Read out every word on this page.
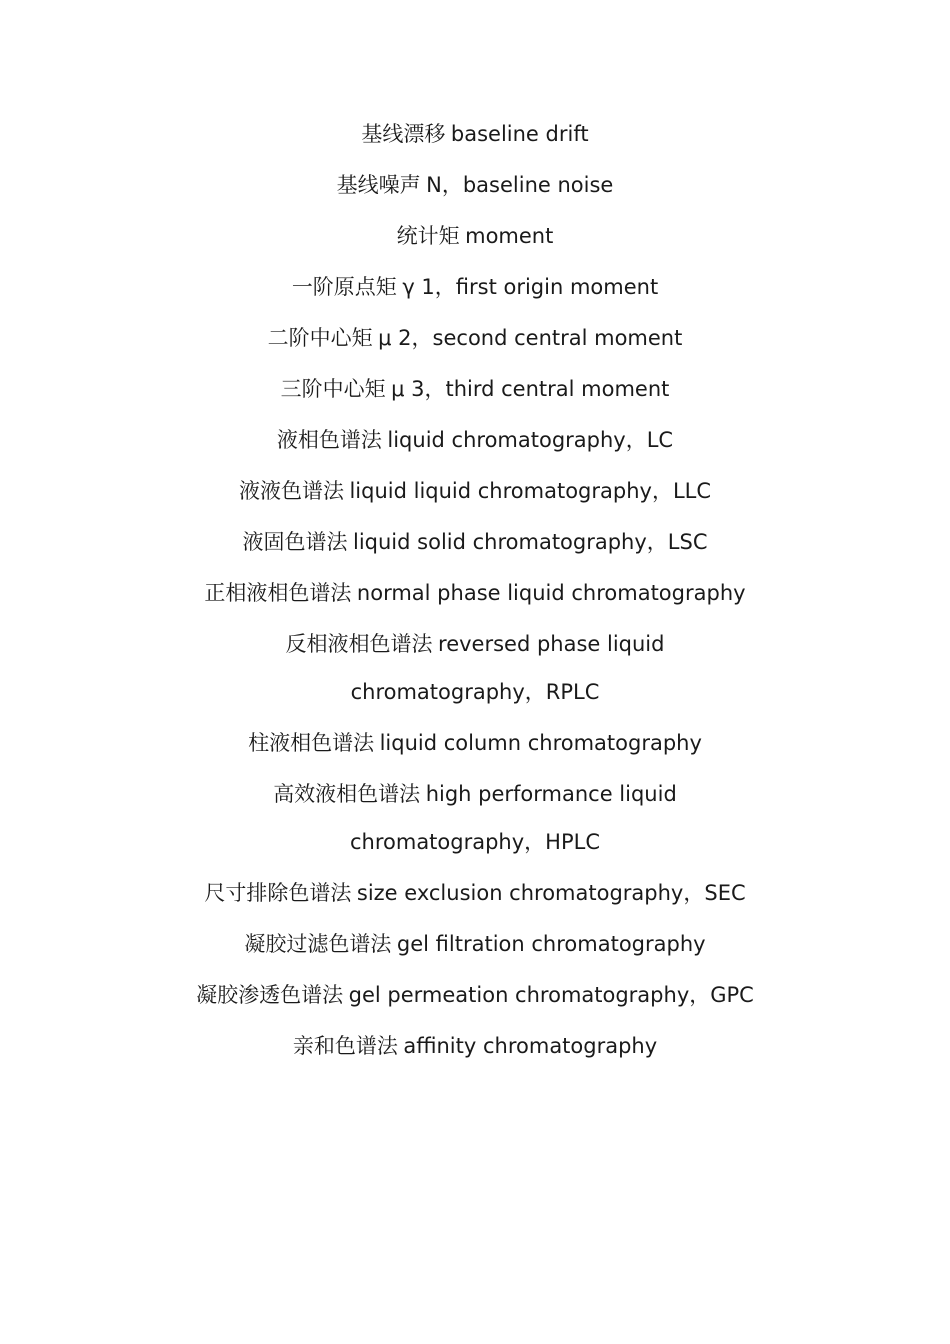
基线漂移 baseline drift
基线噪声 N，baseline noise
统计矩 moment
一阶原点矩 γ 1，first origin moment
二阶中心矩 μ 2，second central moment
三阶中心矩 μ 3，third central moment
液相色谱法 liquid chromatography，LC
液液色谱法 liquid liquid chromatography，LLC
液固色谱法 liquid solid chromatography，LSC
正相液相色谱法 normal phase liquid chromatography
反相液相色谱法 reversed phase liquid chromatography，RPLC
柱液相色谱法 liquid column chromatography
高效液相色谱法 high performance liquid chromatography，HPLC
尺寸排除色谱法 size exclusion chromatography，SEC
凝胶过滤色谱法 gel filtration chromatography
凝胶渗透色谱法 gel permeation chromatography，GPC
亲和色谱法 affinity chromatography
